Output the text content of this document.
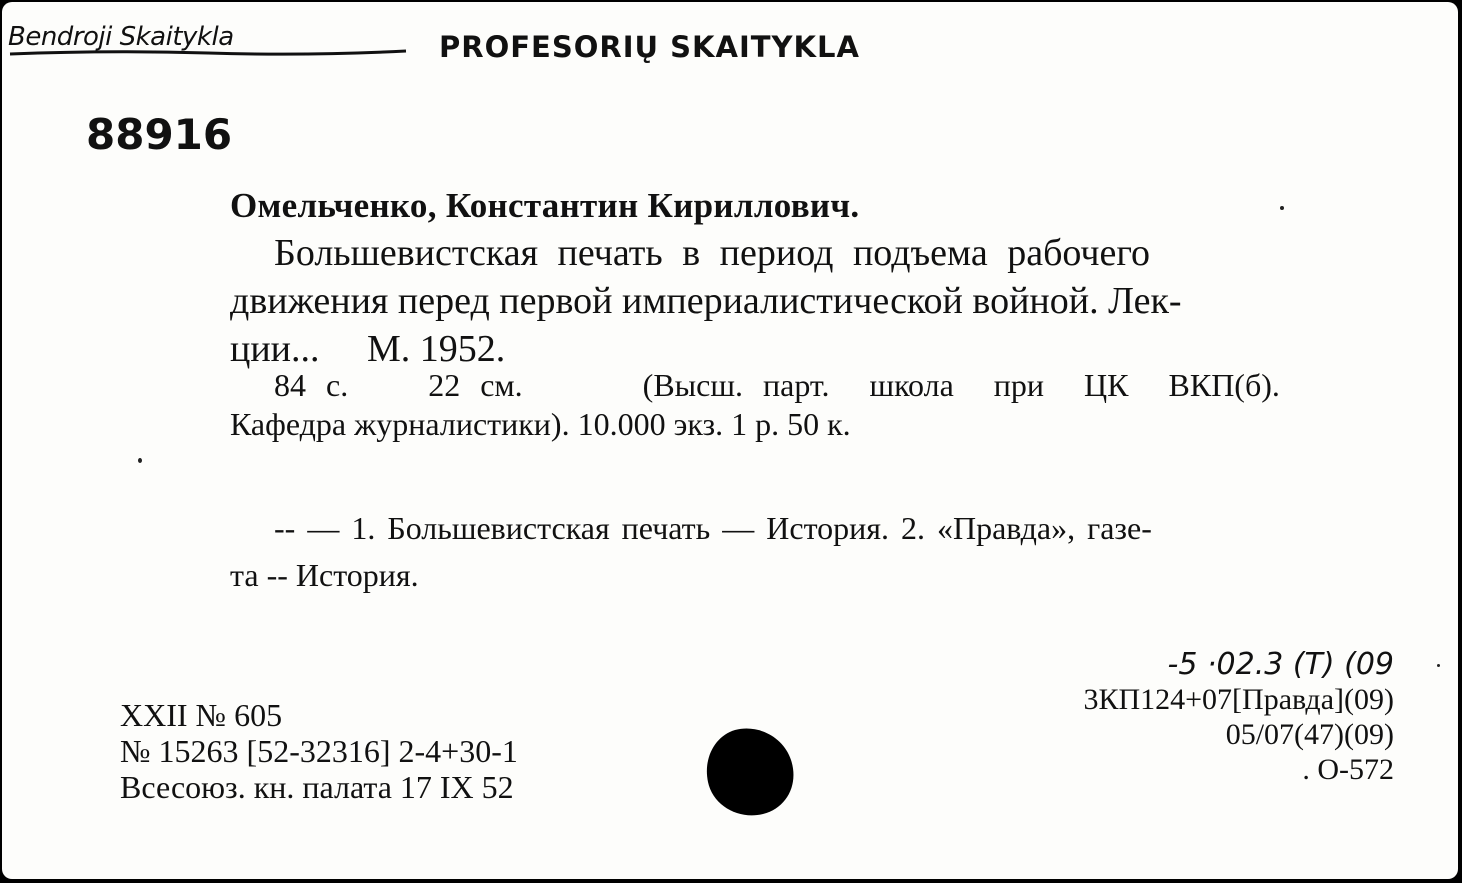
Bendroji Skaitykla	PROFESORIŲ SKAITYKLA
88916
Омельченко, Константин Кириллович.
Большевистская печать в период подъема рабочего
движения перед первой империалистической войной. Лек-
ции...     М. 1952.
84 с.    22 см.      (Высш. парт.  школа  при  ЦК  ВКП(б).
Кафедра журналистики). 10.000 экз. 1 р. 50 к.
-- — 1. Большевистская печать — История. 2. «Правда», газе-
та -- История.
XXII № 605
№ 15263 [52-32316] 2-4+30-1
Всесоюз. кн. палата 17 IX 52
-5 ·02.3 (Т) (09
3КП124+07[Правда](09)
05/07(47)(09)
. О-572
